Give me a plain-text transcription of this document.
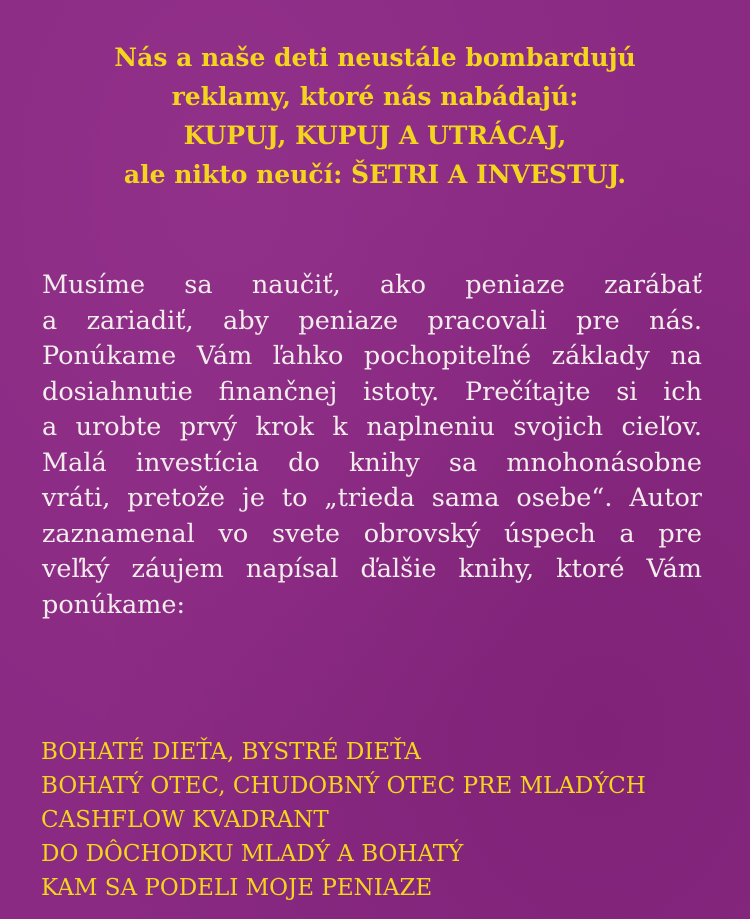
Nás a naše deti neustále bombardujú
reklamy, ktoré nás nabádajú:
KUPUJ, KUPUJ A UTRÁCAJ,
ale nikto neučí: ŠETRI A INVESTUJ.
Musíme sa naučiť, ako peniaze zarábať
a zariadiť, aby peniaze pracovali pre nás.
Ponúkame Vám ľahko pochopiteľné základy na
dosiahnutie finančnej istoty. Prečítajte si ich
a urobte prvý krok k naplneniu svojich cieľov.
Malá investícia do knihy sa mnohonásobne
vráti, pretože je to „trieda sama osebe“. Autor
zaznamenal vo svete obrovský úspech a pre
veľký záujem napísal ďalšie knihy, ktoré Vám
ponúkame:
BOHATÉ DIEŤA, BYSTRÉ DIEŤA
BOHATÝ OTEC, CHUDOBNÝ OTEC PRE MLADÝCH
CASHFLOW KVADRANT
DO DÔCHODKU MLADÝ A BOHATÝ
KAM SA PODELI MOJE PENIAZE
